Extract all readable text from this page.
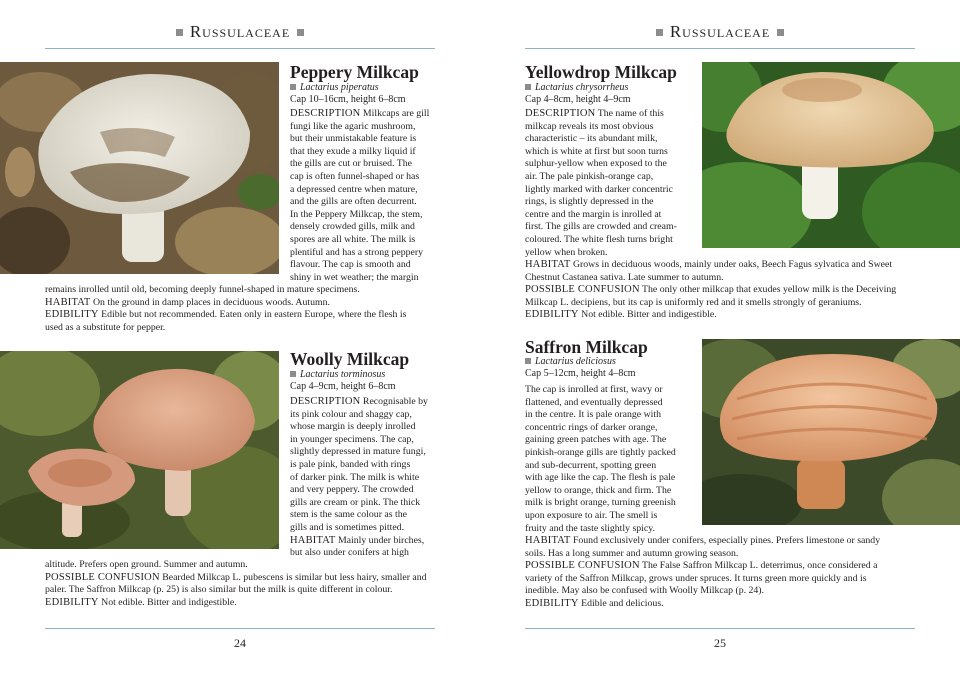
Russulaceae
Peppery Milkcap
Lactarius piperatus
Cap 10–16cm, height 6–8cm
DESCRIPTION Milkcaps are gill
fungi like the agaric mushroom,
but their unmistakable feature is
that they exude a milky liquid if
the gills are cut or bruised. The
cap is often funnel-shaped or has
a depressed centre when mature,
and the gills are often decurrent.
In the Peppery Milkcap, the stem,
densely crowded gills, milk and
spores are all white. The milk is
plentiful and has a strong peppery
flavour. The cap is smooth and
shiny in wet weather; the margin
remains inrolled until old, becoming deeply funnel-shaped in mature specimens.
HABITAT On the ground in damp places in deciduous woods. Autumn.
EDIBILITY Edible but not recommended. Eaten only in eastern Europe, where the flesh is
used as a substitute for pepper.
Woolly Milkcap
Lactarius torminosus
Cap 4–9cm, height 6–8cm
DESCRIPTION Recognisable by
its pink colour and shaggy cap,
whose margin is deeply inrolled
in younger specimens. The cap,
slightly depressed in mature fungi,
is pale pink, banded with rings
of darker pink. The milk is white
and very peppery. The crowded
gills are cream or pink. The thick
stem is the same colour as the
gills and is sometimes pitted.
HABITAT Mainly under birches,
but also under conifers at high
altitude. Prefers open ground. Summer and autumn.
POSSIBLE CONFUSION Bearded Milkcap L. pubescens is similar but less hairy, smaller and
paler. The Saffron Milkcap (p. 25) is also similar but the milk is quite different in colour.
EDIBILITY Not edible. Bitter and indigestible.
24
Russulaceae
Yellowdrop Milkcap
Lactarius chrysorrheus
Cap 4–8cm, height 4–9cm
DESCRIPTION The name of this
milkcap reveals its most obvious
characteristic – its abundant milk,
which is white at first but soon turns
sulphur-yellow when exposed to the
air. The pale pinkish-orange cap,
lightly marked with darker concentric
rings, is slightly depressed in the
centre and the margin is inrolled at
first. The gills are crowded and cream-
coloured. The white flesh turns bright
yellow when broken.
HABITAT Grows in deciduous woods, mainly under oaks, Beech Fagus sylvatica and Sweet
Chestnut Castanea sativa. Late summer to autumn.
POSSIBLE CONFUSION The only other milkcap that exudes yellow milk is the Deceiving
Milkcap L. decipiens, but its cap is uniformly red and it smells strongly of geraniums.
EDIBILITY Not edible. Bitter and indigestible.
Saffron Milkcap
Lactarius deliciosus
Cap 5–12cm, height 4–8cm
The cap is inrolled at first, wavy or
flattened, and eventually depressed
in the centre. It is pale orange with
concentric rings of darker orange,
gaining green patches with age. The
pinkish-orange gills are tightly packed
and sub-decurrent, spotting green
with age like the cap. The flesh is pale
yellow to orange, thick and firm. The
milk is bright orange, turning greenish
upon exposure to air. The smell is
fruity and the taste slightly spicy.
HABITAT Found exclusively under conifers, especially pines. Prefers limestone or sandy
soils. Has a long summer and autumn growing season.
POSSIBLE CONFUSION The False Saffron Milkcap L. deterrimus, once considered a
variety of the Saffron Milkcap, grows under spruces. It turns green more quickly and is
inedible. May also be confused with Woolly Milkcap (p. 24).
EDIBILITY Edible and delicious.
25
